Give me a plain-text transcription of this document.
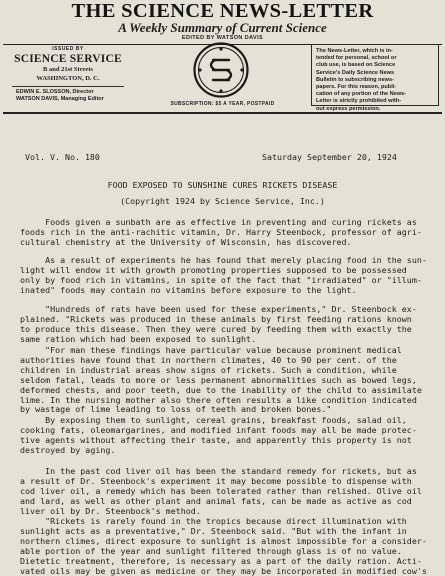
THE SCIENCE NEWS-LETTER
A Weekly Summary of Current Science
EDITED BY WATSON DAVIS
ISSUED BY
SCIENCE SERVICE
B and 21st Streets
WASHINGTON, D. C.
EDWIN E. SLOSSON, Director
WATSON DAVIS, Managing Editor
SUBSCRIPTION: $5 A YEAR, POSTPAID
The News-Letter, which is in-
tended for personal, school or
club use, is based on Science
Service's Daily Science News
Bulletin to subscribing news-
papers. For this reason, publi-
cation of any portion of the News-
Letter is strictly prohibited with-
out express permission.
Vol. V. No. 180	Saturday September 20, 1924
FOOD EXPOSED TO SUNSHINE CURES RICKETS DISEASE
(Copyright 1924 by Science Service, Inc.)
Foods given a sunbath are as effective in preventing and curing rickets as
foods rich in the anti-rachitic vitamin, Dr. Harry Steenbock, professor of agri-
cultural chemistry at the University of Wisconsin, has discovered.
As a result of experiments he has found that merely placing food in the sun-
light will endow it with growth promoting properties supposed to be possessed
only by food rich in vitamins, in spite of the fact that "irradiated" or "illum-
inated" foods may contain no vitamins before exposure to the light.
"Hundreds of rats have been used for these experiments," Dr. Steenbock ex-
plained. "Rickets was produced in these animals by first feeding rations known
to produce this disease. Then they were cured by feeding them with exactly the
same ration which had been exposed to sunlight.
"For man these findings have particular value because prominent medical
authorities have found that in northern climates, 40 to 90 per cent. of the
children in industrial areas show signs of rickets. Such a condition, while
seldom fatal, leads to more or less permanent abnormalities such as bowed legs,
deformed chests, and poor teeth, due to the inability of the child to assimilate
lime. In the nursing mother also there often results a like condition indicated
by wastage of lime leading to loss of teeth and broken bones."
By exposing them to sunlight, cereal grains, breakfast foods, salad oil,
cooking fats, oleomargarines, and modified infant foods may all be made protec-
tive agents without affecting their taste, and apparently this property is not
destroyed by aging.
In the past cod liver oil has been the standard remedy for rickets, but as
a result of Dr. Steenbock's experiment it may become possible to dispense with
cod liver oil, a remedy which has been tolerated rather than relished. Olive oil
and lard, as well as other plant and animal fats, can be made as active as cod
liver oil by Dr. Steenbock's method.
"Rickets is rarely found in the tropics because direct illumination with
sunlight acts as a preventative," Dr. Steenbock said. "But with the infant in
northern climes, direct exposure to sunlight is almost impossible for a consider-
able portion of the year and sunlight filtered through glass is of no value.
Dietetic treatment, therefore, is necessary as a part of the daily ration. Acti-
vated oils may be given as medicine or they may be incorporated in modified cow's
